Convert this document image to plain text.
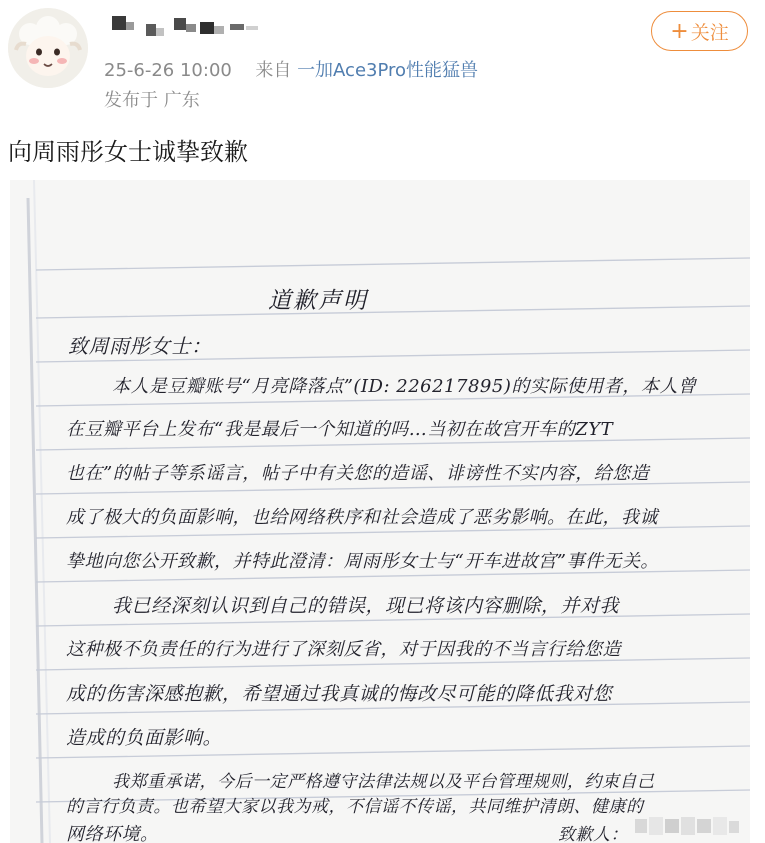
25-6-26 10:00 来自 一加Ace3Pro性能猛兽
发布于 广东
+ 关注
向周雨彤女士诚挚致歉
道歉声明
致周雨彤女士：
本人是豆瓣账号“月亮降落点”(ID: 226217895)的实际使用者，本人曾
在豆瓣平台上发布“我是最后一个知道的吗…当初在故宫开车的ZYT
也在”的帖子等系谣言，帖子中有关您的造谣、诽谤性不实内容，给您造
成了极大的负面影响，也给网络秩序和社会造成了恶劣影响。在此，我诚
挚地向您公开致歉，并特此澄清：周雨彤女士与“开车进故宫”事件无关。
我已经深刻认识到自己的错误，现已将该内容删除，并对我
这种极不负责任的行为进行了深刻反省，对于因我的不当言行给您造
成的伤害深感抱歉，希望通过我真诚的悔改尽可能的降低我对您
造成的负面影响。
我郑重承诺，今后一定严格遵守法律法规以及平台管理规则，约束自己
的言行负责。也希望大家以我为戒，不信谣不传谣，共同维护清朗、健康的
网络环境。	致歉人：
